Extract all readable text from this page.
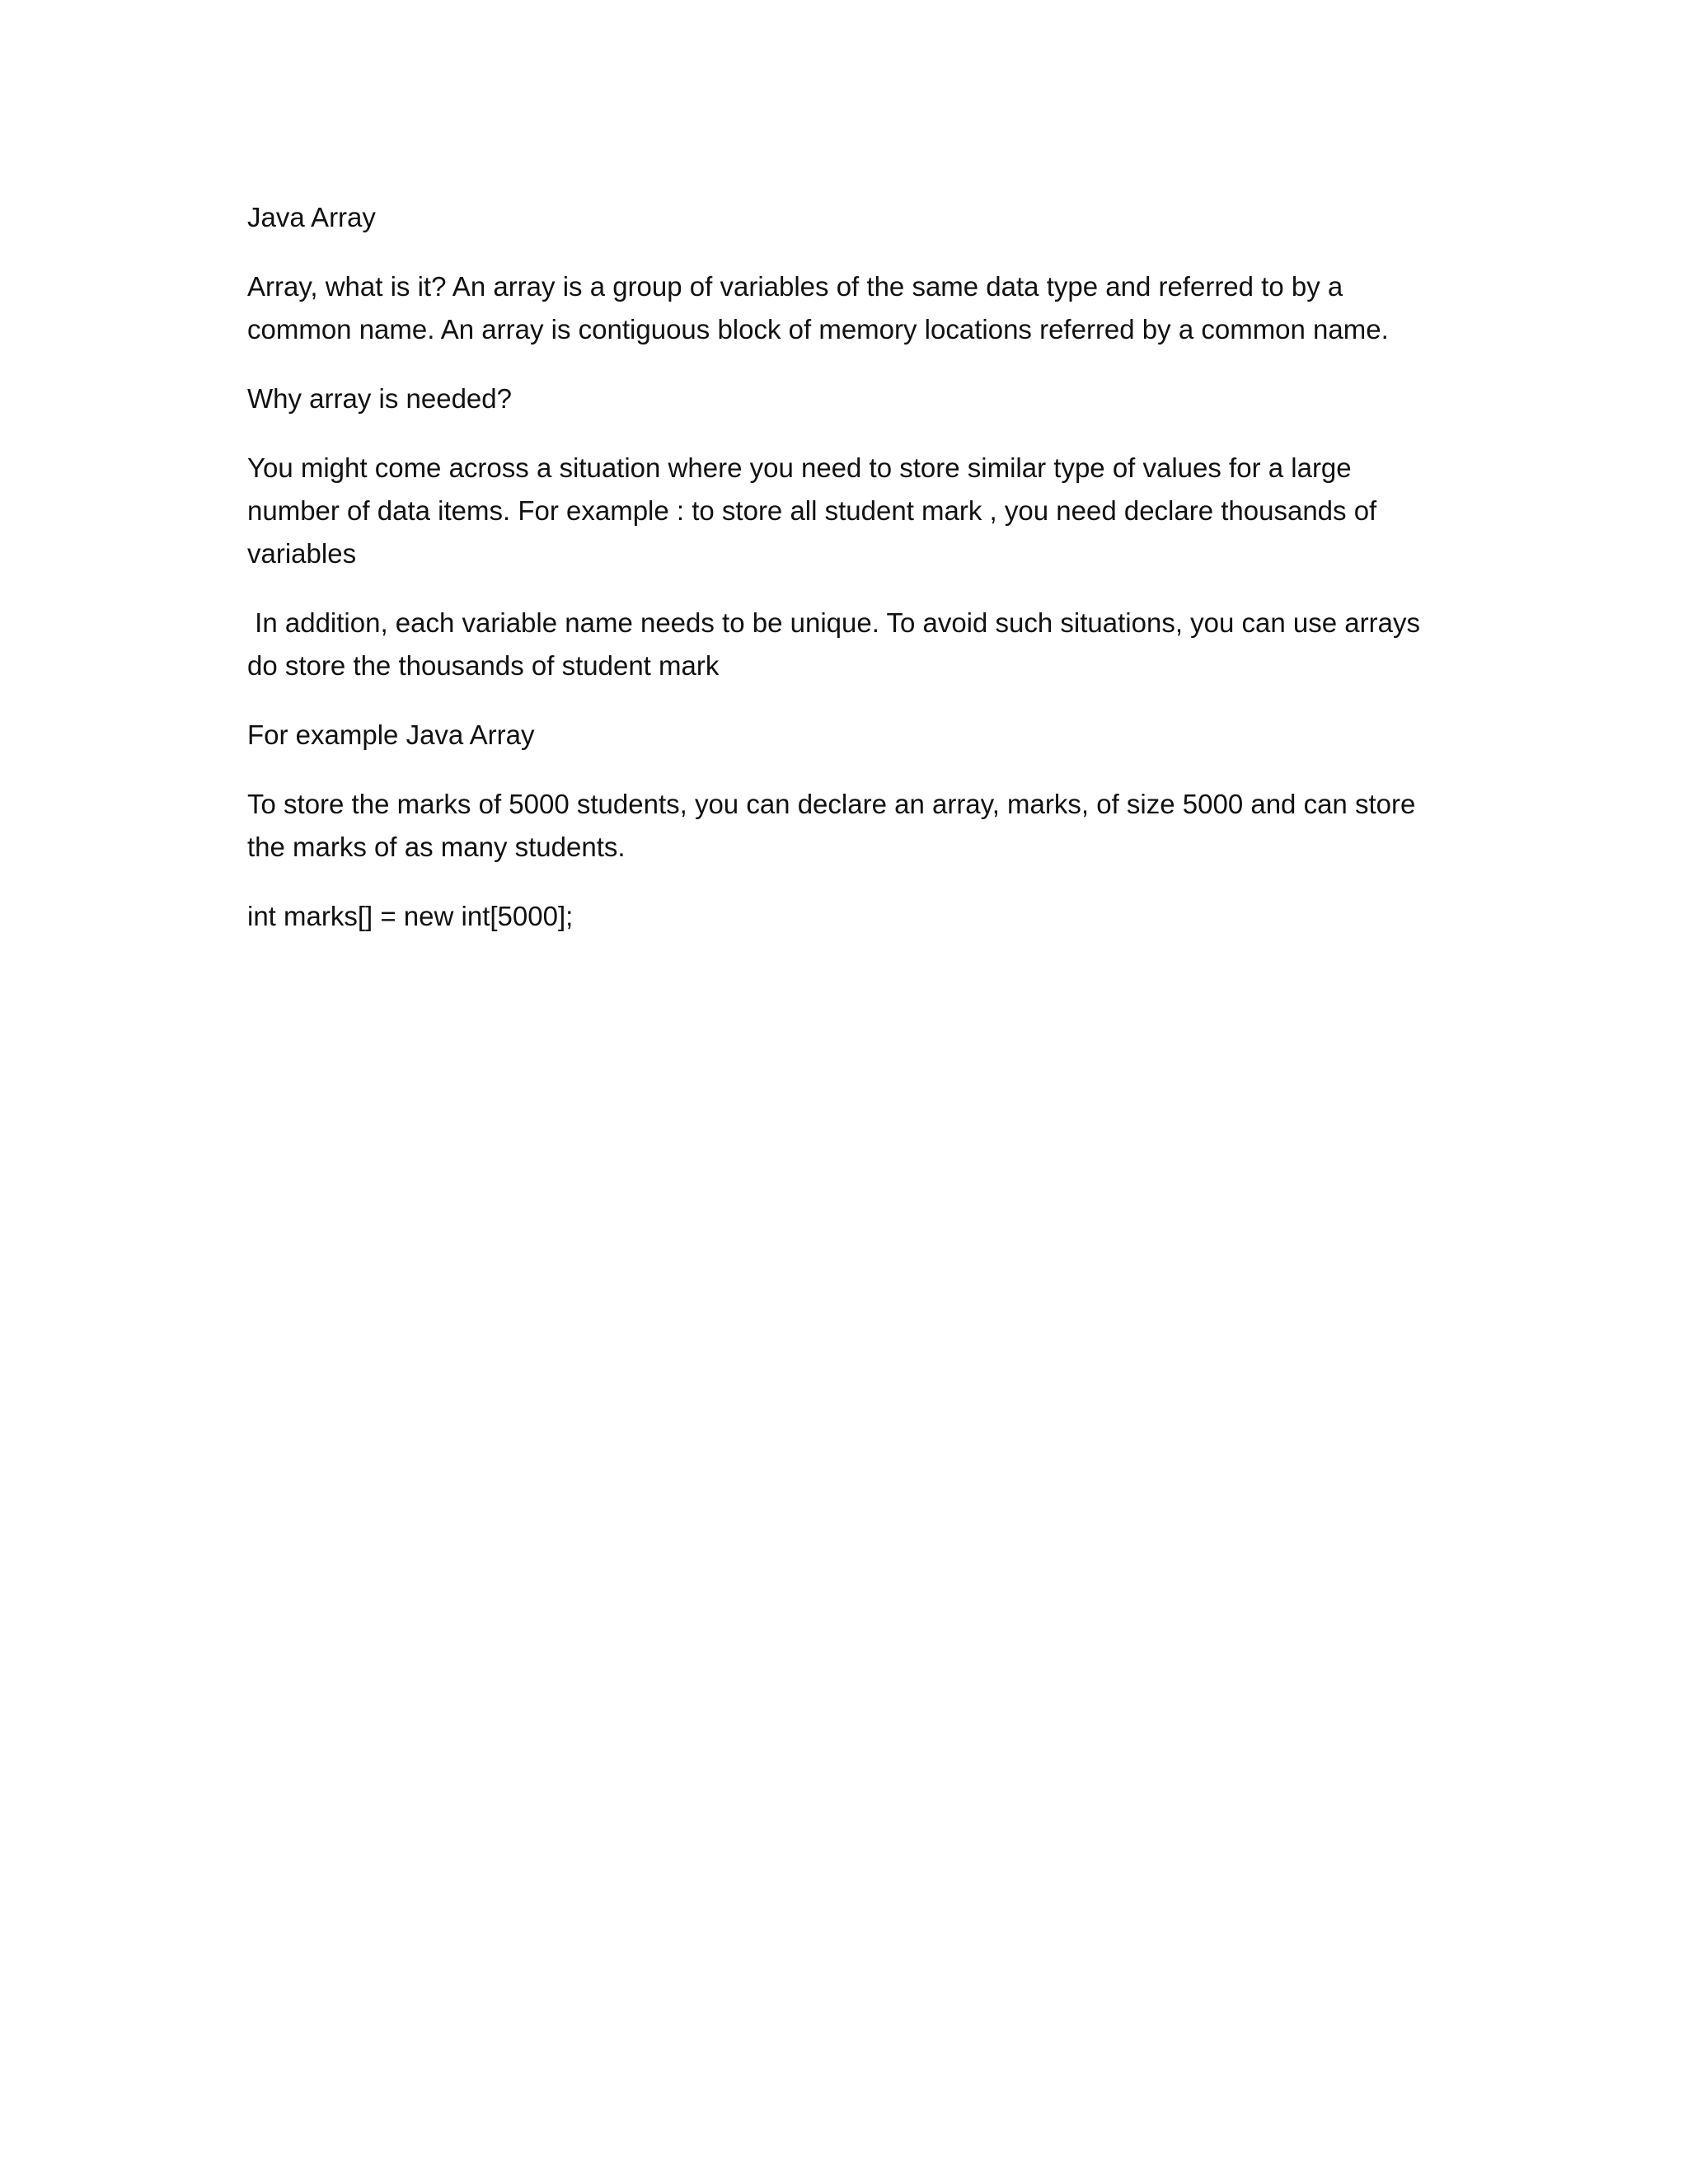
Java Array

Array, what is it? An array is a group of variables of the same data type and referred to by a common name. An array is contiguous block of memory locations referred by a common name.

Why array is needed?

You might come across a situation where you need to store similar type of values for a large number of data items. For example : to store all student mark , you need declare thousands of variables

In addition, each variable name needs to be unique. To avoid such situations, you can use arrays do store the thousands of student mark

For example Java Array

To store the marks of 5000 students, you can declare an array, marks, of size 5000 and can store the marks of as many students.

int marks[] = new int[5000];
